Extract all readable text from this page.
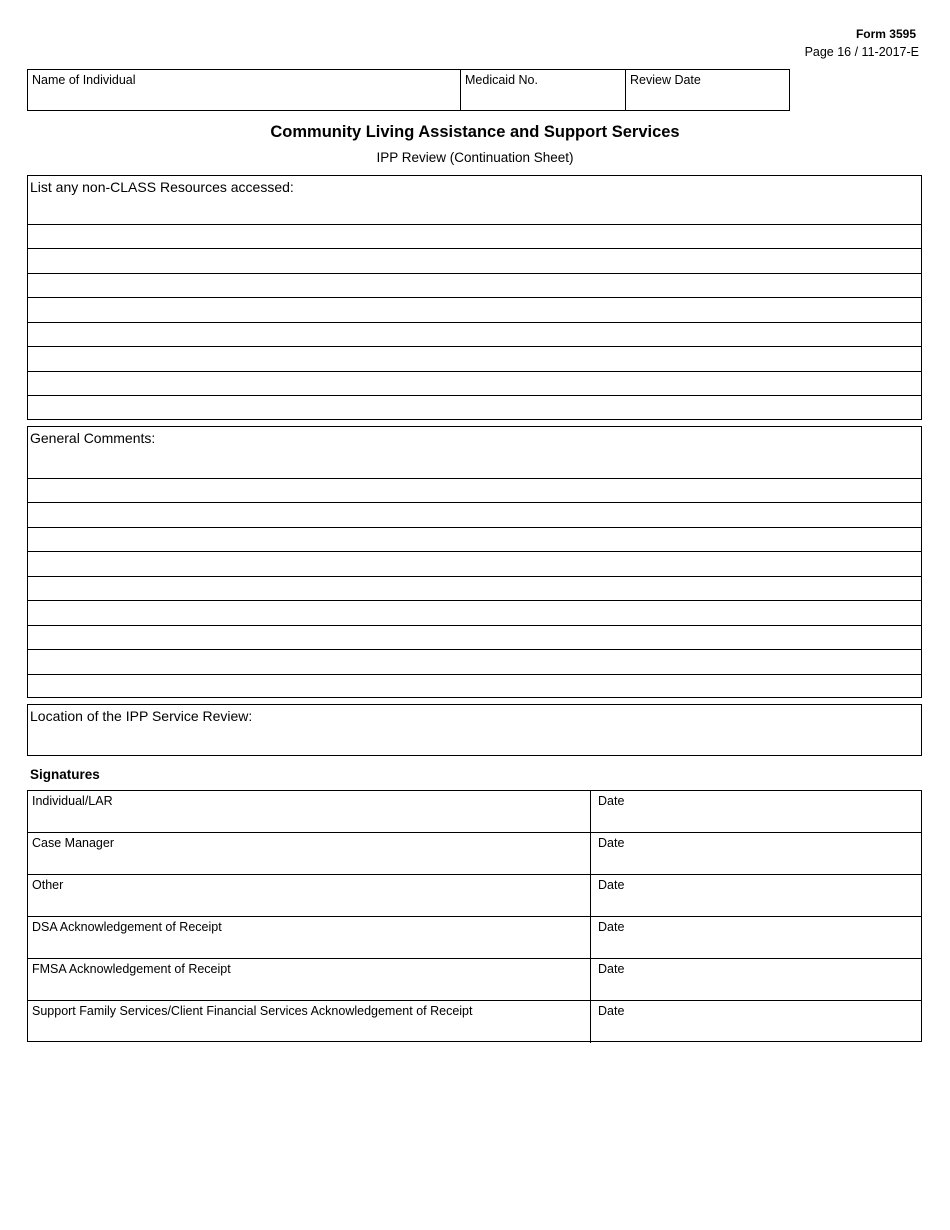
Form 3595
Page 16 / 11-2017-E
Name of Individual	Medicaid No.	Review Date
Community Living Assistance and Support Services
IPP Review (Continuation Sheet)
List any non-CLASS Resources accessed:
General Comments:
Location of the IPP Service Review:
Signatures
Individual/LAR	Date
Case Manager	Date
Other	Date
DSA Acknowledgement of Receipt	Date
FMSA Acknowledgement of Receipt	Date
Support Family Services/Client Financial Services Acknowledgement of Receipt	Date
